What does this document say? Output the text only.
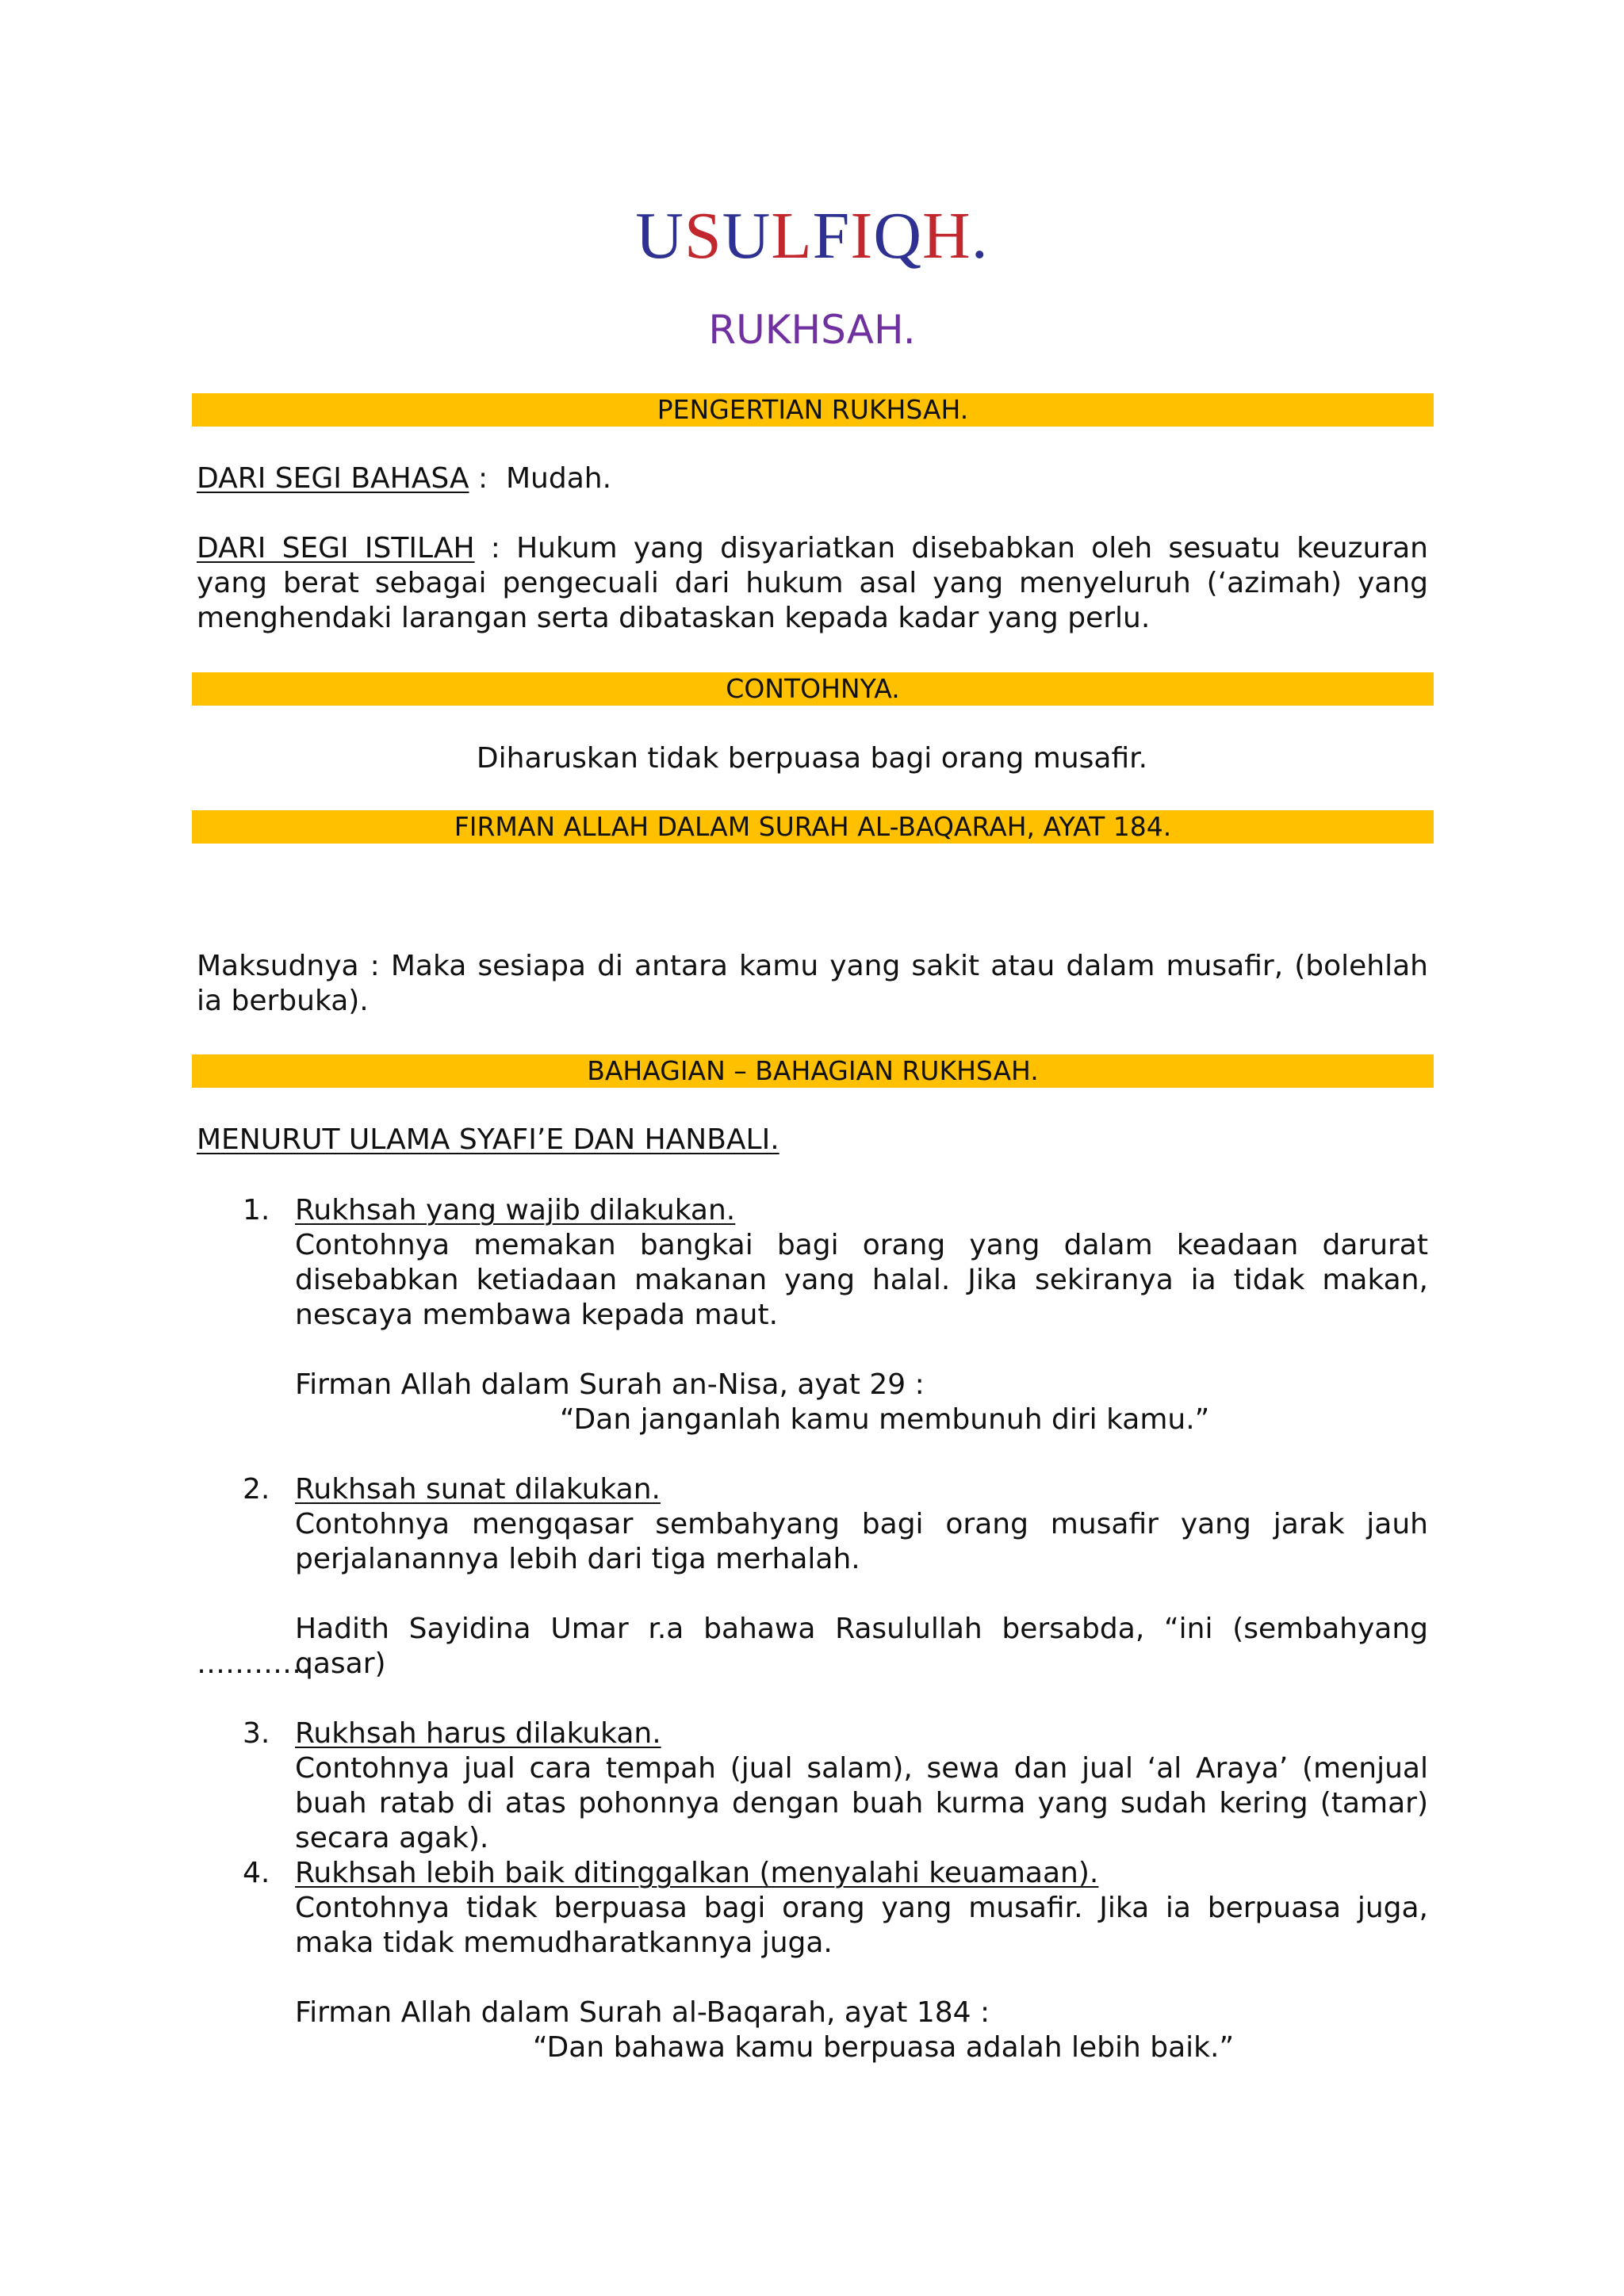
USULFIQH.
RUKHSAH.
PENGERTIAN RUKHSAH.
DARI SEGI BAHASA :  Mudah.
DARI SEGI ISTILAH : Hukum yang disyariatkan disebabkan oleh sesuatu keuzuran yang berat sebagai pengecuali dari hukum asal yang menyeluruh (‘azimah) yang menghendaki larangan serta dibataskan kepada kadar yang perlu.
CONTOHNYA.
Diharuskan tidak berpuasa bagi orang musafir.
FIRMAN ALLAH DALAM SURAH AL-BAQARAH, AYAT 184.
Maksudnya : Maka sesiapa di antara kamu yang sakit atau dalam musafir, (bolehlah ia berbuka).
BAHAGIAN – BAHAGIAN RUKHSAH.
MENURUT ULAMA SYAFI’E DAN HANBALI.
1. Rukhsah yang wajib dilakukan.
Contohnya memakan bangkai bagi orang yang dalam keadaan darurat disebabkan ketiadaan makanan yang halal. Jika sekiranya ia tidak makan, nescaya membawa kepada maut.
Firman Allah dalam Surah an-Nisa, ayat 29 :
“Dan janganlah kamu membunuh diri kamu.”
2. Rukhsah sunat dilakukan.
Contohnya mengqasar sembahyang bagi orang musafir yang jarak jauh perjalanannya lebih dari tiga merhalah.
Hadith Sayidina Umar r.a bahawa Rasulullah bersabda, “ini (sembahyang qasar)
…………
3. Rukhsah harus dilakukan.
Contohnya jual cara tempah (jual salam), sewa dan jual ‘al Araya’ (menjual buah ratab di atas pohonnya dengan buah kurma yang sudah kering (tamar) secara agak).
4. Rukhsah lebih baik ditinggalkan (menyalahi keuamaan).
Contohnya tidak berpuasa bagi orang yang musafir. Jika ia berpuasa juga, maka tidak memudharatkannya juga.
Firman Allah dalam Surah al-Baqarah, ayat 184 :
“Dan bahawa kamu berpuasa adalah lebih baik.”
